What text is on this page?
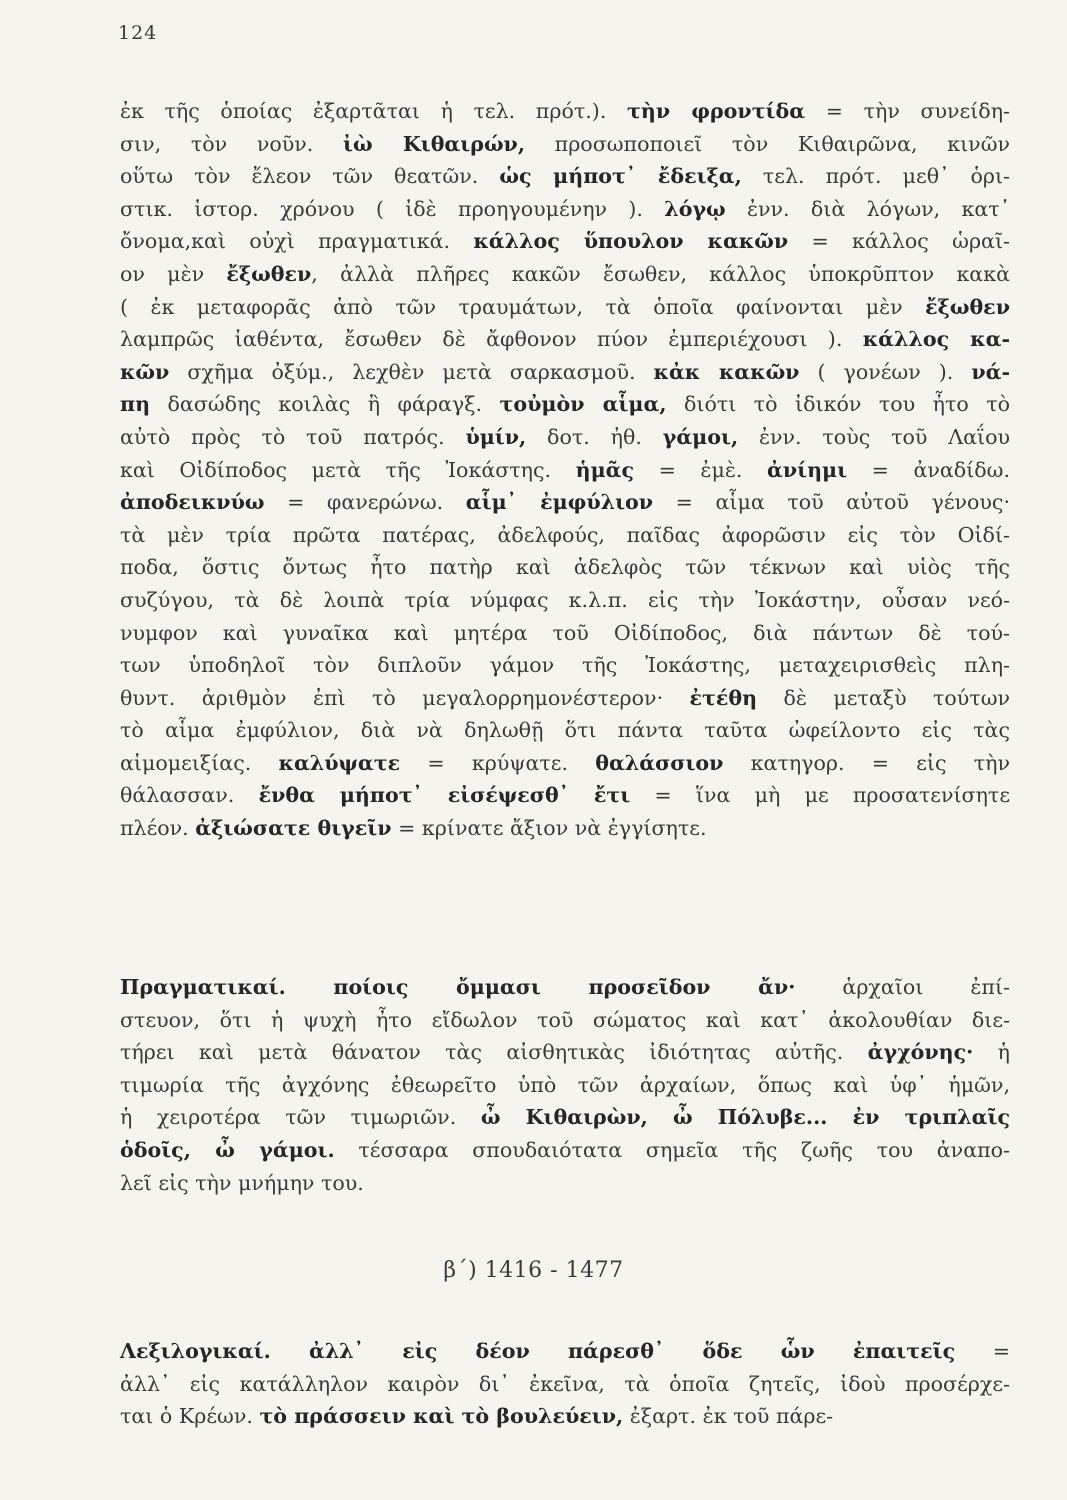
124
ἐκ τῆς ὁποίας ἐξαρτᾶται ἡ τελ. πρότ.). τὴν φροντίδα = τὴν συνείδη-
σιν, τὸν νοῦν. ἰὼ Κιθαιρών, προσωποποιεῖ τὸν Κιθαιρῶνα, κινῶν
οὕτω τὸν ἔλεον τῶν θεατῶν. ὡς μήποτ᾽ ἔδειξα, τελ. πρότ. μεθ᾽ ὁρι-
στικ. ἱστορ. χρόνου ( ἰδὲ προηγουμένην ). λόγῳ ἐνν. διὰ λόγων, κατ᾽
ὄνομα,καὶ οὐχὶ πραγματικά. κάλλος ὕπουλον κακῶν = κάλλος ὡραῖ-
ον μὲν ἔξωθεν, ἀλλὰ πλῆρες κακῶν ἔσωθεν, κάλλος ὑποκρῦπτον κακὰ
( ἐκ μεταφορᾶς ἀπὸ τῶν τραυμάτων, τὰ ὁποῖα φαίνονται μὲν ἔξωθεν
λαμπρῶς ἰαθέντα, ἔσωθεν δὲ ἄφθονον πύον ἐμπεριέχουσι ). κάλλος κα-
κῶν σχῆμα ὀξύμ., λεχθὲν μετὰ σαρκασμοῦ. κἀκ κακῶν ( γονέων ). νά-
πη δασώδης κοιλὰς ἢ φάραγξ. τοὐμὸν αἷμα, διότι τὸ ἰδικόν του ἦτο τὸ
αὐτὸ πρὸς τὸ τοῦ πατρός. ὑμίν, δοτ. ἠθ. γάμοι, ἐνν. τοὺς τοῦ Λαΐου
καὶ Οἰδίποδος μετὰ τῆς Ἰοκάστης. ἡμᾶς = ἐμὲ. ἀνίημι = ἀναδίδω.
ἀποδεικνύω = φανερώνω. αἷμ᾽ ἐμφύλιον = αἷμα τοῦ αὐτοῦ γένους·
τὰ μὲν τρία πρῶτα πατέρας, ἀδελφούς, παῖδας ἀφορῶσιν εἰς τὸν Οἰδί-
ποδα, ὅστις ὄντως ἦτο πατὴρ καὶ ἀδελφὸς τῶν τέκνων καὶ υἱὸς τῆς
συζύγου, τὰ δὲ λοιπὰ τρία νύμφας κ.λ.π. εἰς τὴν Ἰοκάστην, οὖσαν νεό-
νυμφον καὶ γυναῖκα καὶ μητέρα τοῦ Οἰδίποδος, διὰ πάντων δὲ τού-
των ὑποδηλοῖ τὸν διπλοῦν γάμον τῆς Ἰοκάστης, μεταχειρισθεὶς πλη-
θυντ. ἀριθμὸν ἐπὶ τὸ μεγαλορρημονέστερον· ἐτέθη δὲ μεταξὺ τούτων
τὸ αἷμα ἐμφύλιον, διὰ νὰ δηλωθῇ ὅτι πάντα ταῦτα ὠφείλοντο εἰς τὰς
αἱμομειξίας. καλύψατε = κρύψατε. θαλάσσιον κατηγορ. = εἰς τὴν
θάλασσαν. ἔνθα μήποτ᾽ εἰσέψεσθ᾽ ἔτι = ἵνα μὴ με προσατενίσητε
πλέον. ἀξιώσατε θιγεῖν = κρίνατε ἄξιον νὰ ἐγγίσητε.
Πραγματικαί. ποίοις ὄμμασι προσεῖδον ἄν· ἀρχαῖοι ἐπί-
στευον, ὅτι ἡ ψυχὴ ἦτο εἴδωλον τοῦ σώματος καὶ κατ᾽ ἀκολουθίαν διε-
τήρει καὶ μετὰ θάνατον τὰς αἰσθητικὰς ἰδιότητας αὐτῆς. ἀγχόνης· ἡ
τιμωρία τῆς ἀγχόνης ἐθεωρεῖτο ὑπὸ τῶν ἀρχαίων, ὅπως καὶ ὑφ᾽ ἡμῶν,
ἡ χειροτέρα τῶν τιμωριῶν. ὦ Κιθαιρὼν, ὦ Πόλυβε... ἐν τριπλαῖς
ὁδοῖς, ὦ γάμοι. τέσσαρα σπουδαιότατα σημεῖα τῆς ζωῆς του ἀναπο-
λεῖ εἰς τὴν μνήμην του.
β΄) 1416 - 1477
Λεξιλογικαί. ἀλλ᾽ εἰς δέον πάρεσθ᾽ ὅδε ὧν ἐπαιτεῖς =
ἀλλ᾽ εἰς κατάλληλον καιρὸν δι᾽ ἐκεῖνα, τὰ ὁποῖα ζητεῖς, ἰδοὺ προσέρχε-
ται ὁ Κρέων. τὸ πράσσειν καὶ τὸ βουλεύειν, ἐξαρτ. ἐκ τοῦ πάρε-
